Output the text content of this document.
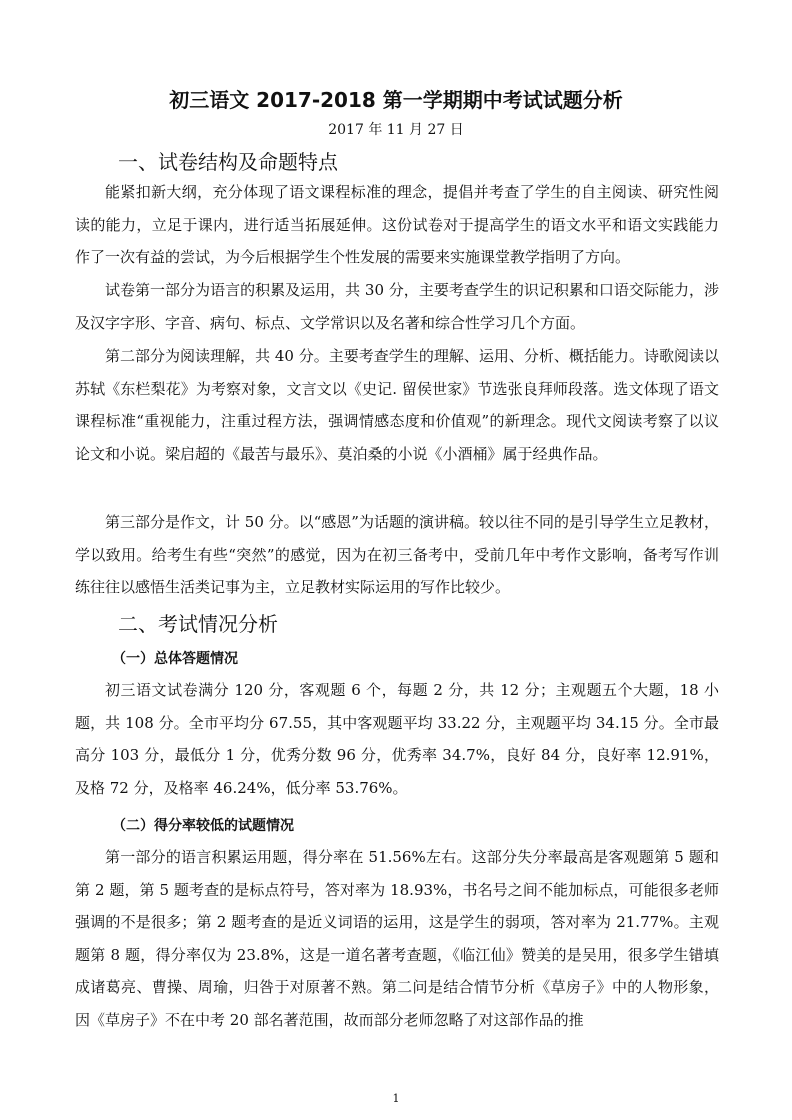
初三语文 2017-2018 第一学期期中考试试题分析
2017 年 11 月 27 日
一、试卷结构及命题特点

能紧扣新大纲，充分体现了语文课程标准的理念，提倡并考查了学生的自主阅读、研究性阅读的能力，立足于课内，进行适当拓展延伸。这份试卷对于提高学生的语文水平和语文实践能力作了一次有益的尝试，为今后根据学生个性发展的需要来实施课堂教学指明了方向。

试卷第一部分为语言的积累及运用，共 30 分，主要考查学生的识记积累和口语交际能力，涉及汉字字形、字音、病句、标点、文学常识以及名著和综合性学习几个方面。

第二部分为阅读理解，共 40 分。主要考查学生的理解、运用、分析、概括能力。诗歌阅读以苏轼《东栏梨花》为考察对象，文言文以《史记. 留侯世家》节选张良拜师段落。选文体现了语文课程标准“重视能力，注重过程方法，强调情感态度和价值观”的新理念。现代文阅读考察了以议论文和小说。梁启超的《最苦与最乐》、莫泊桑的小说《小酒桶》属于经典作品。

第三部分是作文，计 50 分。以“感恩”为话题的演讲稿。较以往不同的是引导学生立足教材，学以致用。给考生有些“突然”的感觉，因为在初三备考中，受前几年中考作文影响，备考写作训练往往以感悟生活类记事为主，立足教材实际运用的写作比较少。

二、考试情况分析
（一）总体答题情况

初三语文试卷满分 120 分，客观题 6 个，每题 2 分，共 12 分；主观题五个大题，18 小题，共 108 分。全市平均分 67.55，其中客观题平均 33.22 分，主观题平均 34.15 分。全市最高分 103 分，最低分 1 分，优秀分数 96 分，优秀率 34.7%，良好 84 分，良好率 12.91%，及格 72 分，及格率 46.24%，低分率 53.76%。

（二）得分率较低的试题情况

第一部分的语言积累运用题，得分率在 51.56%左右。这部分失分率最高是客观题第 5 题和第 2 题，第 5 题考查的是标点符号，答对率为 18.93%，书名号之间不能加标点，可能很多老师强调的不是很多；第 2 题考查的是近义词语的运用，这是学生的弱项，答对率为 21.77%。主观题第 8 题，得分率仅为 23.8%，这是一道名著考查题，《临江仙》赞美的是吴用，很多学生错填成诸葛亮、曹操、周瑜，归咎于对原著不熟。第二问是结合情节分析《草房子》中的人物形象，因《草房子》不在中考 20 部名著范围，故而部分老师忽略了对这部作品的推

1
